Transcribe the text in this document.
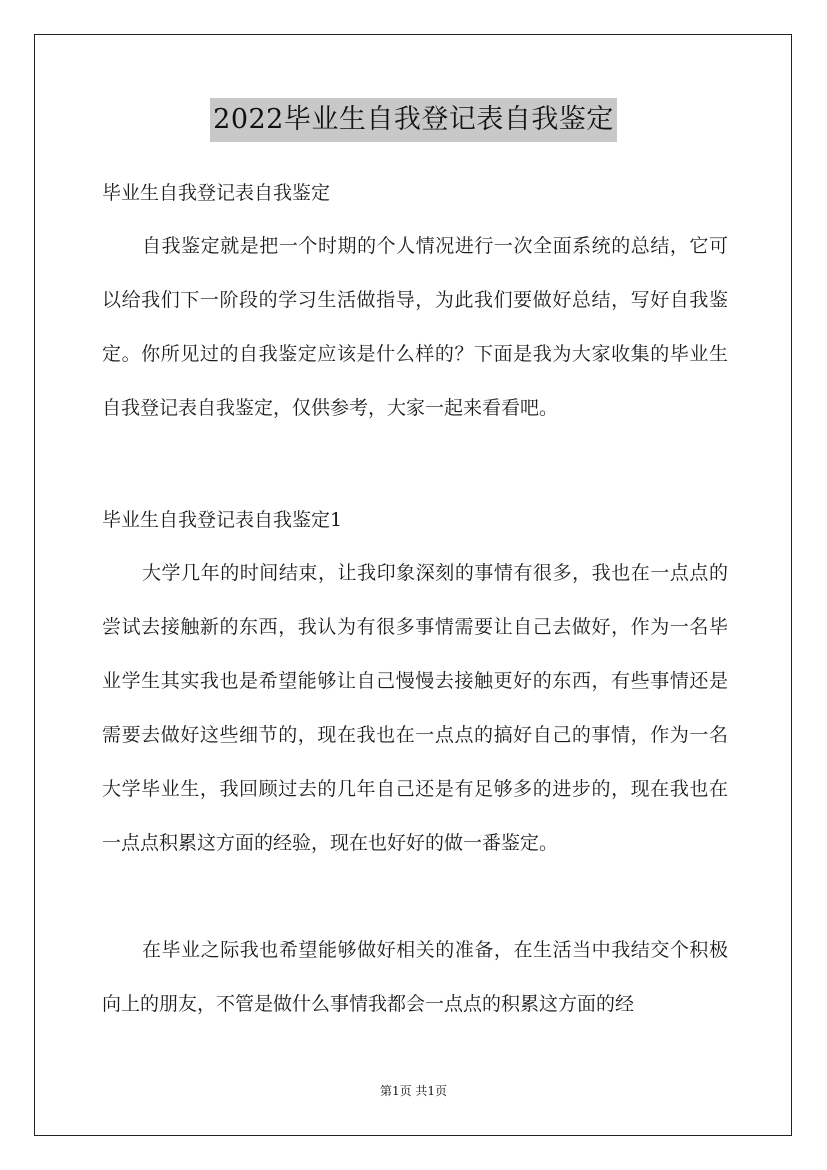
2022毕业生自我登记表自我鉴定

毕业生自我登记表自我鉴定

自我鉴定就是把一个时期的个人情况进行一次全面系统的总结，它可以给我们下一阶段的学习生活做指导，为此我们要做好总结，写好自我鉴定。你所见过的自我鉴定应该是什么样的？下面是我为大家收集的毕业生自我登记表自我鉴定，仅供参考，大家一起来看看吧。

毕业生自我登记表自我鉴定1

大学几年的时间结束，让我印象深刻的事情有很多，我也在一点点的尝试去接触新的东西，我认为有很多事情需要让自己去做好，作为一名毕业学生其实我也是希望能够让自己慢慢去接触更好的东西，有些事情还是需要去做好这些细节的，现在我也在一点点的搞好自己的事情，作为一名大学毕业生，我回顾过去的几年自己还是有足够多的进步的，现在我也在一点点积累这方面的经验，现在也好好的做一番鉴定。

在毕业之际我也希望能够做好相关的准备，在生活当中我结交个积极向上的朋友，不管是做什么事情我都会一点点的积累这方面的经

第1页 共1页
